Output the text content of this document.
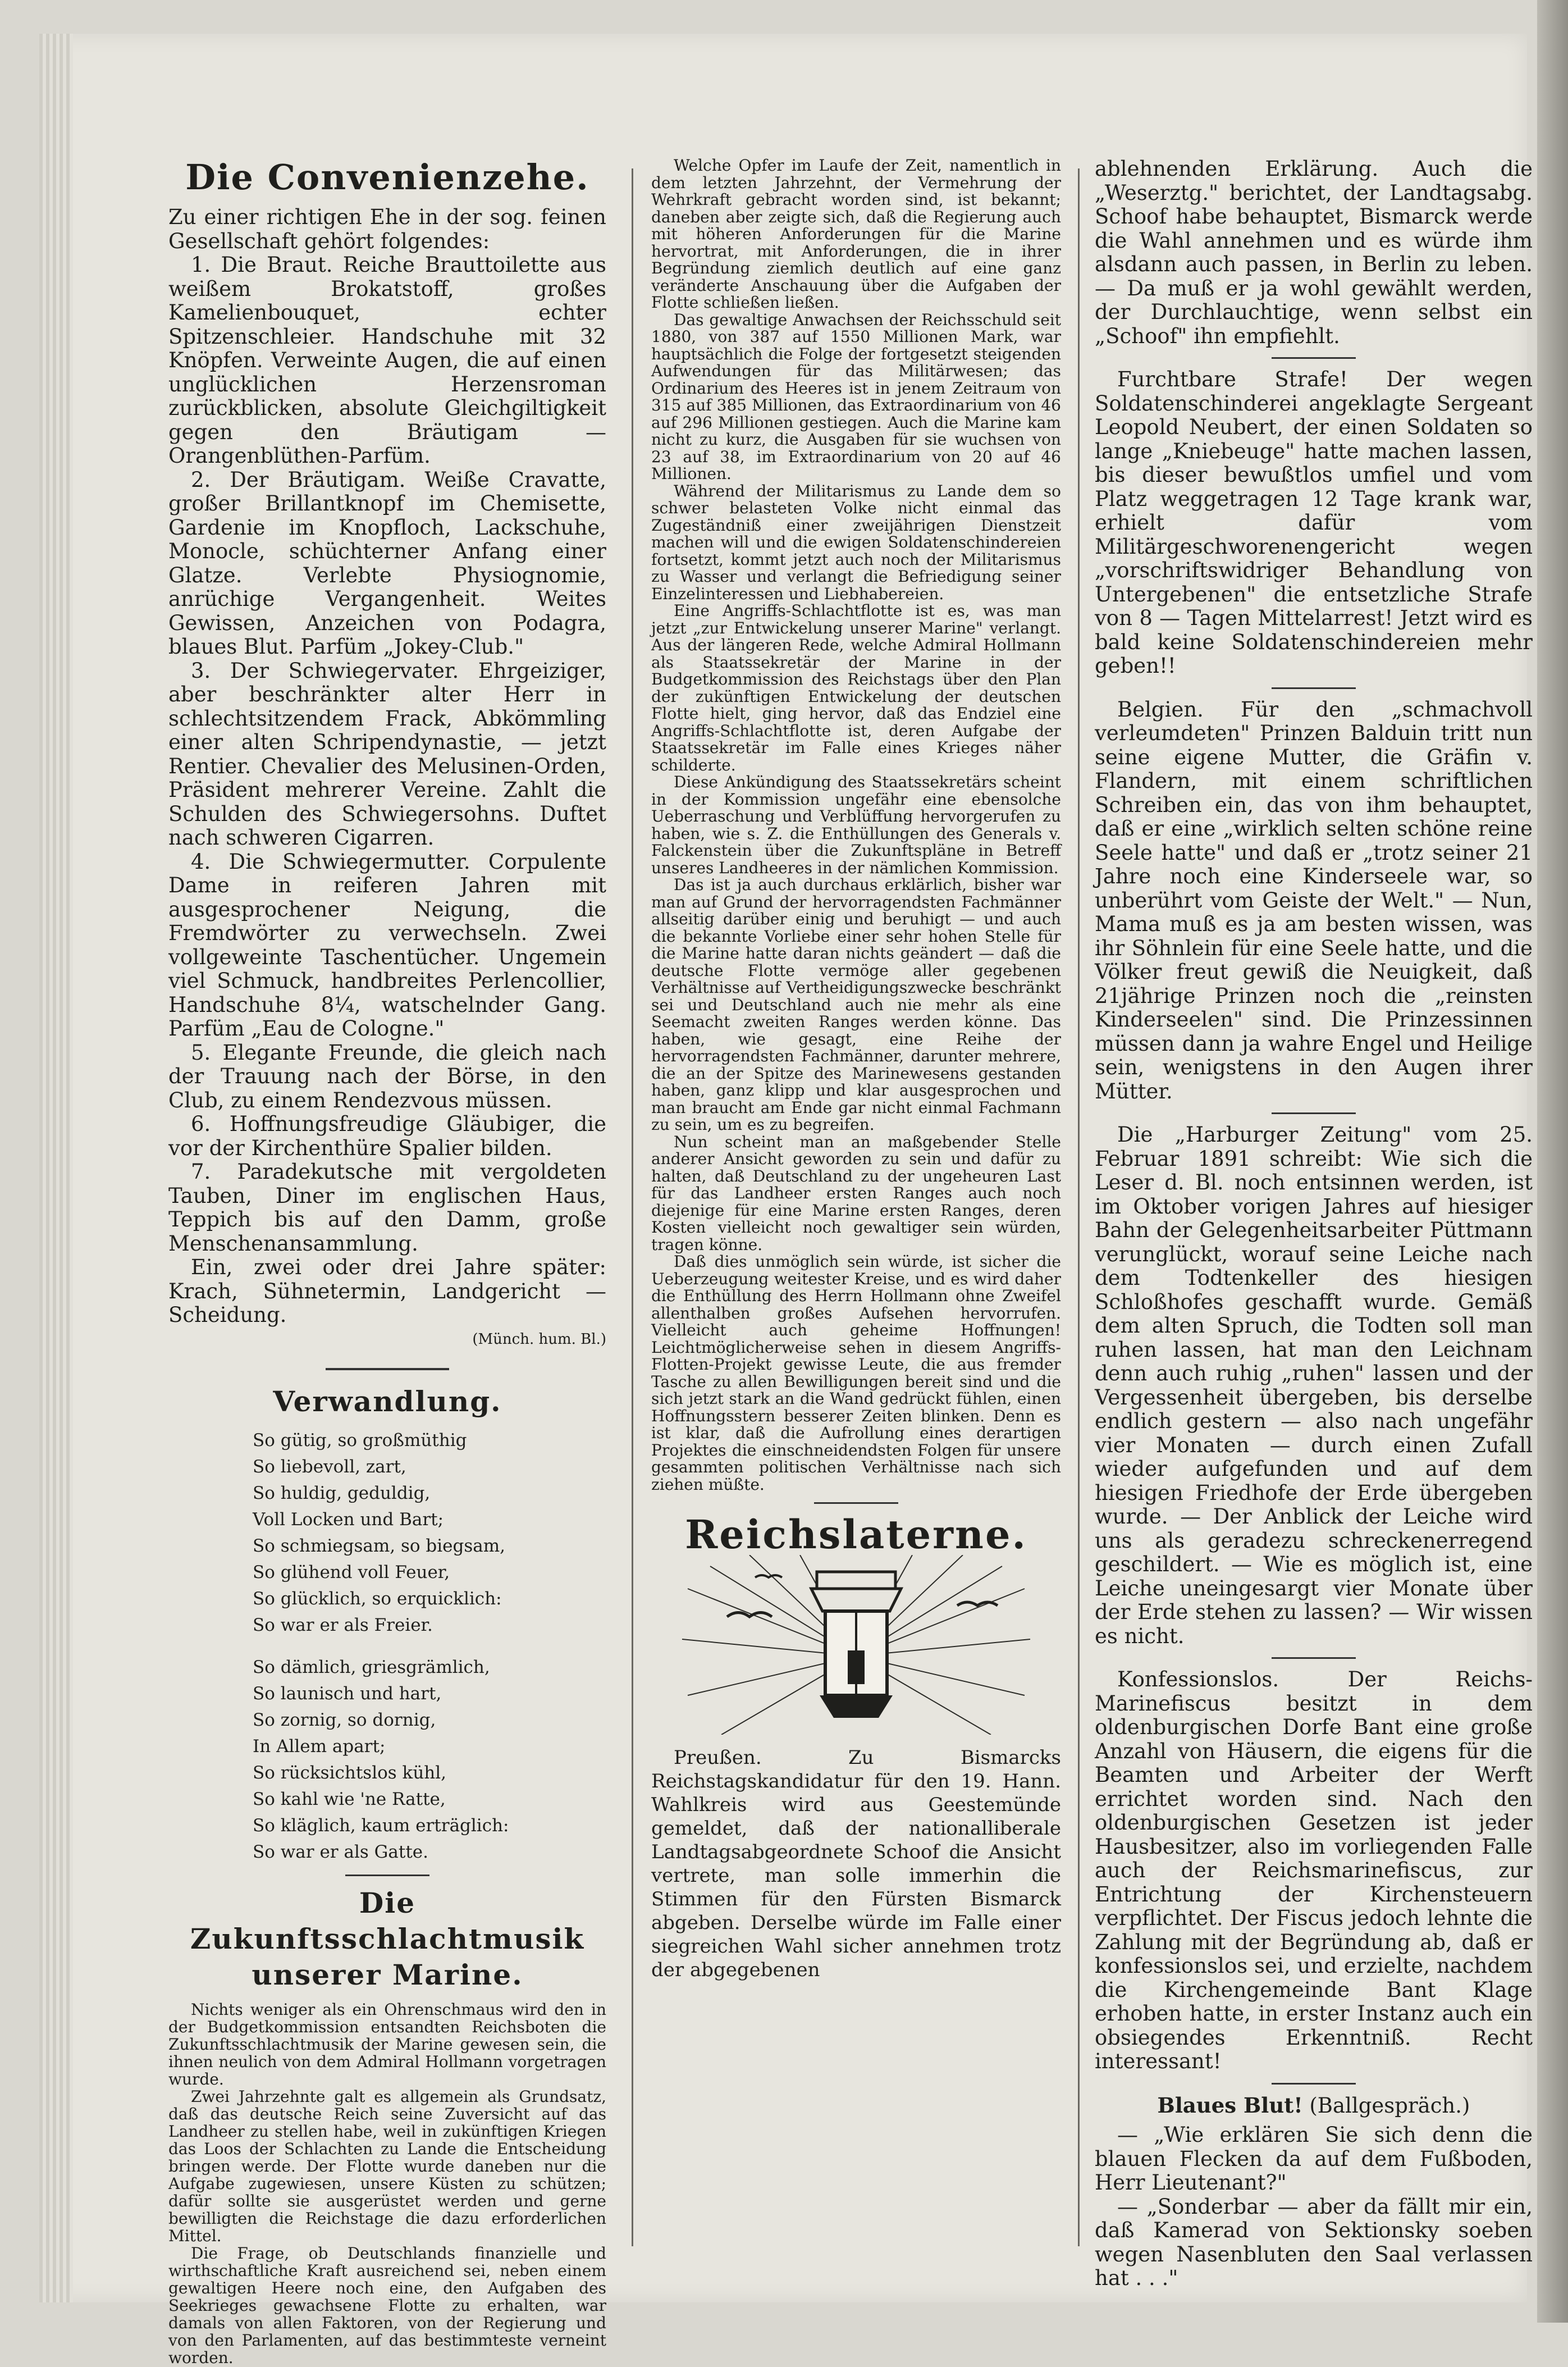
Die Convenienzehe.

Zu einer richtigen Ehe in der sog. feinen Gesellschaft gehört folgendes:

1. Die Braut. Reiche Brauttoilette aus weißem Brokatstoff, großes Kamelienbouquet, echter Spitzenschleier. Handschuhe mit 32 Knöpfen. Verweinte Augen, die auf einen unglücklichen Herzensroman zurückblicken, absolute Gleichgiltigkeit gegen den Bräutigam — Orangenblüthen-Parfüm.

2. Der Bräutigam. Weiße Cravatte, großer Brillantknopf im Chemisette, Gardenie im Knopfloch, Lackschuhe, Monocle, schüchterner Anfang einer Glatze. Verlebte Physiognomie, anrüchige Vergangenheit. Weites Gewissen, Anzeichen von Podagra, blaues Blut. Parfüm „Jokey-Club."

3. Der Schwiegervater. Ehrgeiziger, aber beschränkter alter Herr in schlechtsitzendem Frack, Abkömmling einer alten Schripendynastie, — jetzt Rentier. Chevalier des Melusinen-Orden, Präsident mehrerer Vereine. Zahlt die Schulden des Schwiegersohns. Duftet nach schweren Cigarren.

4. Die Schwiegermutter. Corpulente Dame in reiferen Jahren mit ausgesprochener Neigung, die Fremdwörter zu verwechseln. Zwei vollgeweinte Taschentücher. Ungemein viel Schmuck, handbreites Perlencollier, Handschuhe 8¼, watschelnder Gang. Parfüm „Eau de Cologne."

5. Elegante Freunde, die gleich nach der Trauung nach der Börse, in den Club, zu einem Rendezvous müssen.

6. Hoffnungsfreudige Gläubiger, die vor der Kirchenthüre Spalier bilden.

7. Paradekutsche mit vergoldeten Tauben, Diner im englischen Haus, Teppich bis auf den Damm, große Menschenansammlung.

Ein, zwei oder drei Jahre später: Krach, Sühnetermin, Landgericht — Scheidung.

(Münch. hum. Bl.)
Verwandlung.
So gütig, so großmüthig
So liebevoll, zart,
So huldig, geduldig,
Voll Locken und Bart;
So schmiegsam, so biegsam,
So glühend voll Feuer,
So glücklich, so erquicklich:
So war er als Freier.
So dämlich, griesgrämlich,
So launisch und hart,
So zornig, so dornig,
In Allem apart;
So rücksichtslos kühl,
So kahl wie 'ne Ratte,
So kläglich, kaum erträglich:
So war er als Gatte.
Die Zukunftsschlachtmusik unserer Marine.

Nichts weniger als ein Ohrenschmaus wird den in der Budgetkommission entsandten Reichsboten die Zukunftsschlachtmusik der Marine gewesen sein, die ihnen neulich von dem Admiral Hollmann vorgetragen wurde.

Zwei Jahrzehnte galt es allgemein als Grundsatz, daß das deutsche Reich seine Zuversicht auf das Landheer zu stellen habe, weil in zukünftigen Kriegen das Loos der Schlachten zu Lande die Entscheidung bringen werde. Der Flotte wurde daneben nur die Aufgabe zugewiesen, unsere Küsten zu schützen; dafür sollte sie ausgerüstet werden und gerne bewilligten die Reichstage die dazu erforderlichen Mittel.

Die Frage, ob Deutschlands finanzielle und wirthschaftliche Kraft ausreichend sei, neben einem gewaltigen Heere noch eine, den Aufgaben des Seekrieges gewachsene Flotte zu erhalten, war damals von allen Faktoren, von der Regierung und von den Parlamenten, auf das bestimmteste verneint worden.

Welche Opfer im Laufe der Zeit, namentlich in dem letzten Jahrzehnt, der Vermehrung der Wehrkraft gebracht worden sind, ist bekannt; daneben aber zeigte sich, daß die Regierung auch mit höheren Anforderungen für die Marine hervortrat, mit Anforderungen, die in ihrer Begründung ziemlich deutlich auf eine ganz veränderte Anschauung über die Aufgaben der Flotte schließen ließen.

Das gewaltige Anwachsen der Reichsschuld seit 1880, von 387 auf 1550 Millionen Mark, war hauptsächlich die Folge der fortgesetzt steigenden Aufwendungen für das Militärwesen; das Ordinarium des Heeres ist in jenem Zeitraum von 315 auf 385 Millionen, das Extraordinarium von 46 auf 296 Millionen gestiegen. Auch die Marine kam nicht zu kurz, die Ausgaben für sie wuchsen von 23 auf 38, im Extraordinarium von 20 auf 46 Millionen.

Während der Militarismus zu Lande dem so schwer belasteten Volke nicht einmal das Zugeständniß einer zweijährigen Dienstzeit machen will und die ewigen Soldatenschindereien fortsetzt, kommt jetzt auch noch der Militarismus zu Wasser und verlangt die Befriedigung seiner Einzelinteressen und Liebhabereien.

Eine Angriffs-Schlachtflotte ist es, was man jetzt „zur Entwickelung unserer Marine" verlangt. Aus der längeren Rede, welche Admiral Hollmann als Staatssekretär der Marine in der Budgetkommission des Reichstags über den Plan der zukünftigen Entwickelung der deutschen Flotte hielt, ging hervor, daß das Endziel eine Angriffs-Schlachtflotte ist, deren Aufgabe der Staatssekretär im Falle eines Krieges näher schilderte.

Diese Ankündigung des Staatssekretärs scheint in der Kommission ungefähr eine ebensolche Ueberraschung und Verblüffung hervorgerufen zu haben, wie s. Z. die Enthüllungen des Generals v. Falckenstein über die Zukunftspläne in Betreff unseres Landheeres in der nämlichen Kommission.

Das ist ja auch durchaus erklärlich, bisher war man auf Grund der hervorragendsten Fachmänner allseitig darüber einig und beruhigt — und auch die bekannte Vorliebe einer sehr hohen Stelle für die Marine hatte daran nichts geändert — daß die deutsche Flotte vermöge aller gegebenen Verhältnisse auf Vertheidigungszwecke beschränkt sei und Deutschland auch nie mehr als eine Seemacht zweiten Ranges werden könne. Das haben, wie gesagt, eine Reihe der hervorragendsten Fachmänner, darunter mehrere, die an der Spitze des Marinewesens gestanden haben, ganz klipp und klar ausgesprochen und man braucht am Ende gar nicht einmal Fachmann zu sein, um es zu begreifen.

Nun scheint man an maßgebender Stelle anderer Ansicht geworden zu sein und dafür zu halten, daß Deutschland zu der ungeheuren Last für das Landheer ersten Ranges auch noch diejenige für eine Marine ersten Ranges, deren Kosten vielleicht noch gewaltiger sein würden, tragen könne.

Daß dies unmöglich sein würde, ist sicher die Ueberzeugung weitester Kreise, und es wird daher die Enthüllung des Herrn Hollmann ohne Zweifel allenthalben großes Aufsehen hervorrufen. Vielleicht auch geheime Hoffnungen! Leichtmöglicherweise sehen in diesem Angriffs-Flotten-Projekt gewisse Leute, die aus fremder Tasche zu allen Bewilligungen bereit sind und die sich jetzt stark an die Wand gedrückt fühlen, einen Hoffnungsstern besserer Zeiten blinken. Denn es ist klar, daß die Aufrollung eines derartigen Projektes die einschneidendsten Folgen für unsere gesammten politischen Verhältnisse nach sich ziehen müßte.

Reichslaterne.

Preußen. Zu Bismarcks Reichstagskandidatur für den 19. Hann. Wahlkreis wird aus Geestemünde gemeldet, daß der nationalliberale Landtagsabgeordnete Schoof die Ansicht vertrete, man solle immerhin die Stimmen für den Fürsten Bismarck abgeben. Derselbe würde im Falle einer siegreichen Wahl sicher annehmen trotz der abgegebenen

ablehnenden Erklärung. Auch die „Weserztg." berichtet, der Landtagsabg. Schoof habe behauptet, Bismarck werde die Wahl annehmen und es würde ihm alsdann auch passen, in Berlin zu leben. — Da muß er ja wohl gewählt werden, der Durchlauchtige, wenn selbst ein „Schoof" ihn empfiehlt.

Furchtbare Strafe! Der wegen Soldatenschinderei angeklagte Sergeant Leopold Neubert, der einen Soldaten so lange „Kniebeuge" hatte machen lassen, bis dieser bewußtlos umfiel und vom Platz weggetragen 12 Tage krank war, erhielt dafür vom Militärgeschworenengericht wegen „vorschriftswidriger Behandlung von Untergebenen" die entsetzliche Strafe von 8 — Tagen Mittelarrest! Jetzt wird es bald keine Soldatenschindereien mehr geben!!

Belgien. Für den „schmachvoll verleumdeten" Prinzen Balduin tritt nun seine eigene Mutter, die Gräfin v. Flandern, mit einem schriftlichen Schreiben ein, das von ihm behauptet, daß er eine „wirklich selten schöne reine Seele hatte" und daß er „trotz seiner 21 Jahre noch eine Kinderseele war, so unberührt vom Geiste der Welt." — Nun, Mama muß es ja am besten wissen, was ihr Söhnlein für eine Seele hatte, und die Völker freut gewiß die Neuigkeit, daß 21jährige Prinzen noch die „reinsten Kinderseelen" sind. Die Prinzessinnen müssen dann ja wahre Engel und Heilige sein, wenigstens in den Augen ihrer Mütter.

Die „Harburger Zeitung" vom 25. Februar 1891 schreibt: Wie sich die Leser d. Bl. noch entsinnen werden, ist im Oktober vorigen Jahres auf hiesiger Bahn der Gelegenheitsarbeiter Püttmann verunglückt, worauf seine Leiche nach dem Todtenkeller des hiesigen Schloßhofes geschafft wurde. Gemäß dem alten Spruch, die Todten soll man ruhen lassen, hat man den Leichnam denn auch ruhig „ruhen" lassen und der Vergessenheit übergeben, bis derselbe endlich gestern — also nach ungefähr vier Monaten — durch einen Zufall wieder aufgefunden und auf dem hiesigen Friedhofe der Erde übergeben wurde. — Der Anblick der Leiche wird uns als geradezu schreckenerregend geschildert. — Wie es möglich ist, eine Leiche uneingesargt vier Monate über der Erde stehen zu lassen? — Wir wissen es nicht.

Konfessionslos. Der Reichs-Marinefiscus besitzt in dem oldenburgischen Dorfe Bant eine große Anzahl von Häusern, die eigens für die Beamten und Arbeiter der Werft errichtet worden sind. Nach den oldenburgischen Gesetzen ist jeder Hausbesitzer, also im vorliegenden Falle auch der Reichsmarinefiscus, zur Entrichtung der Kirchensteuern verpflichtet. Der Fiscus jedoch lehnte die Zahlung mit der Begründung ab, daß er konfessionslos sei, und erzielte, nachdem die Kirchengemeinde Bant Klage erhoben hatte, in erster Instanz auch ein obsiegendes Erkenntniß. Recht interessant!

Blaues Blut! (Ballgespräch.)

— „Wie erklären Sie sich denn die blauen Flecken da auf dem Fußboden, Herr Lieutenant?"

— „Sonderbar — aber da fällt mir ein, daß Kamerad von Sektionsky soeben wegen Nasenbluten den Saal verlassen hat . . ."
